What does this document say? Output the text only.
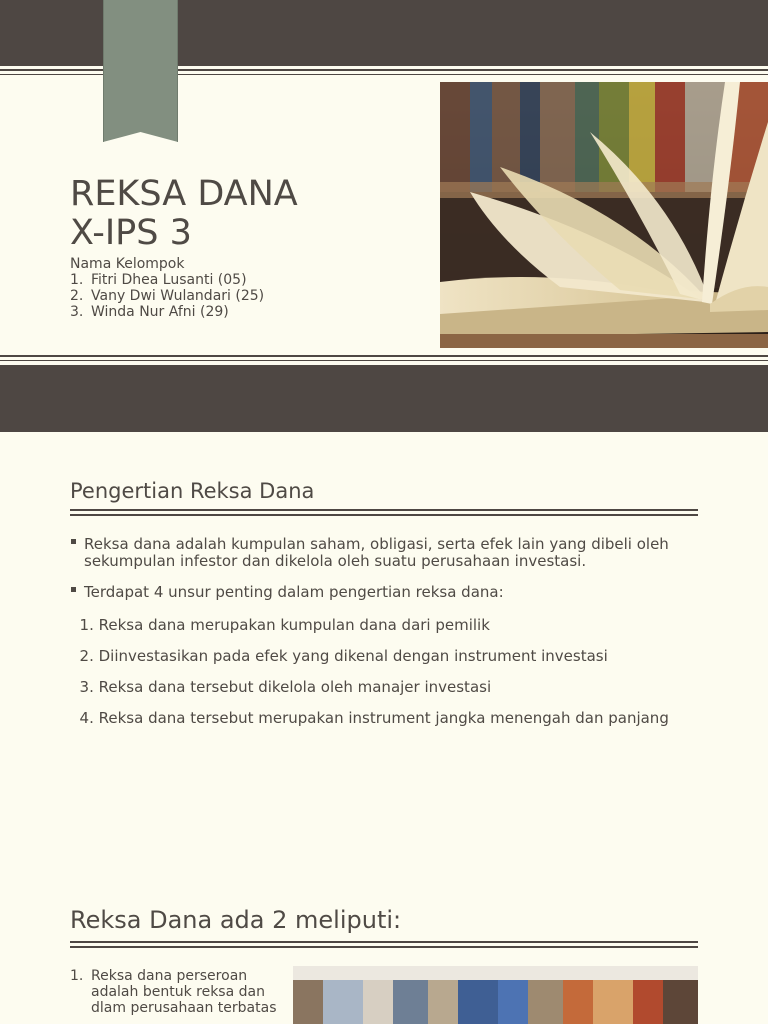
REKSA DANA
X-IPS 3
Nama Kelompok
1. Fitri Dhea Lusanti (05)
2. Vany Dwi Wulandari (25)
3. Winda Nur Afni (29)
Pengertian Reksa Dana
Reksa dana adalah kumpulan saham, obligasi, serta efek lain yang dibeli oleh sekumpulan infestor dan dikelola oleh suatu perusahaan investasi.
Terdapat 4 unsur penting dalam pengertian reksa dana:
1. Reksa dana merupakan kumpulan dana dari pemilik
2. Diinvestasikan pada efek yang dikenal dengan instrument investasi
3. Reksa dana tersebut dikelola oleh manajer investasi
4. Reksa dana tersebut merupakan instrument jangka menengah dan panjang
Reksa Dana ada 2 meliputi:
1. Reksa dana perseroan adalah bentuk reksa dan dlam perusahaan terbatas
